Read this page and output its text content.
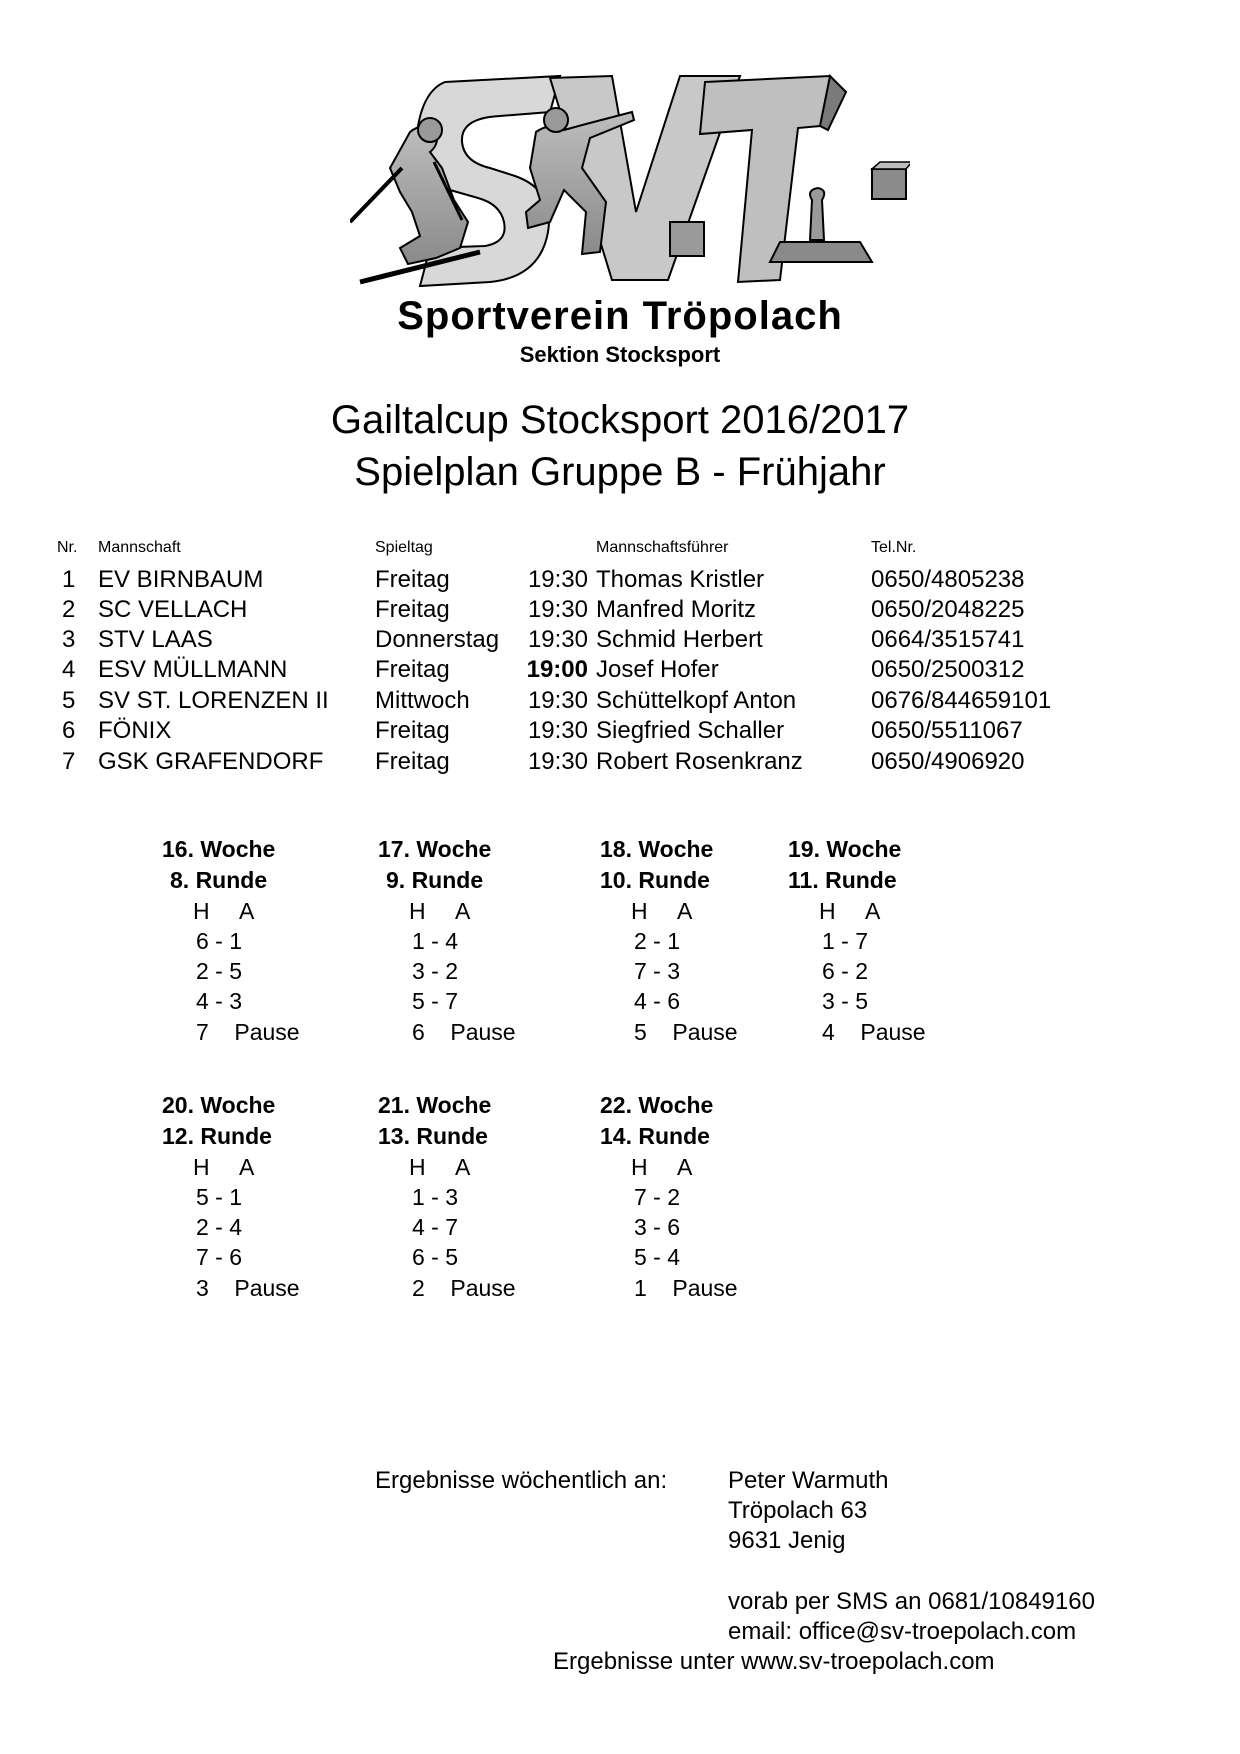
SV.T.
Sportverein Tröpolach
Sektion Stocksport
Gailtalcup Stocksport 2016/2017
Spielplan Gruppe B - Frühjahr
Nr. Mannschaft	Spieltag	Mannschaftsführer	Tel.Nr.
1 EV BIRNBAUM	Freitag	19:30 Thomas Kristler	0650/4805238
2 SC VELLACH	Freitag	19:30 Manfred Moritz	0650/2048225
3 STV LAAS	Donnerstag	19:30 Schmid Herbert	0664/3515741
4 ESV MÜLLMANN	Freitag	19:00 Josef Hofer	0650/2500312
5 SV ST. LORENZEN II Mittwoch	19:30 Schüttelkopf Anton	0676/844659101
6 FÖNIX	Freitag	19:30 Siegfried Schaller	0650/5511067
7 GSK GRAFENDORF Freitag	19:30 Robert Rosenkranz	0650/4906920
16. Woche
8. Runde
H A
6 - 1
2 - 5
4 - 3
7    Pause
17. Woche
9. Runde
H A
1 - 4
3 - 2
5 - 7
6    Pause
18. Woche
10. Runde
H A
2 - 1
7 - 3
4 - 6
5    Pause
19. Woche
11. Runde
H A
1 - 7
6 - 2
3 - 5
4    Pause
20. Woche
12. Runde
H A
5 - 1
2 - 4
7 - 6
3    Pause
21. Woche
13. Runde
H A
1 - 3
4 - 7
6 - 5
2    Pause
22. Woche
14. Runde
H A
7 - 2
3 - 6
5 - 4
1    Pause
Ergebnisse wöchentlich an:	Peter Warmuth
Tröpolach 63
9631 Jenig
vorab per SMS an 0681/10849160
email: office@sv-troepolach.com
Ergebnisse unter www.sv-troepolach.com
